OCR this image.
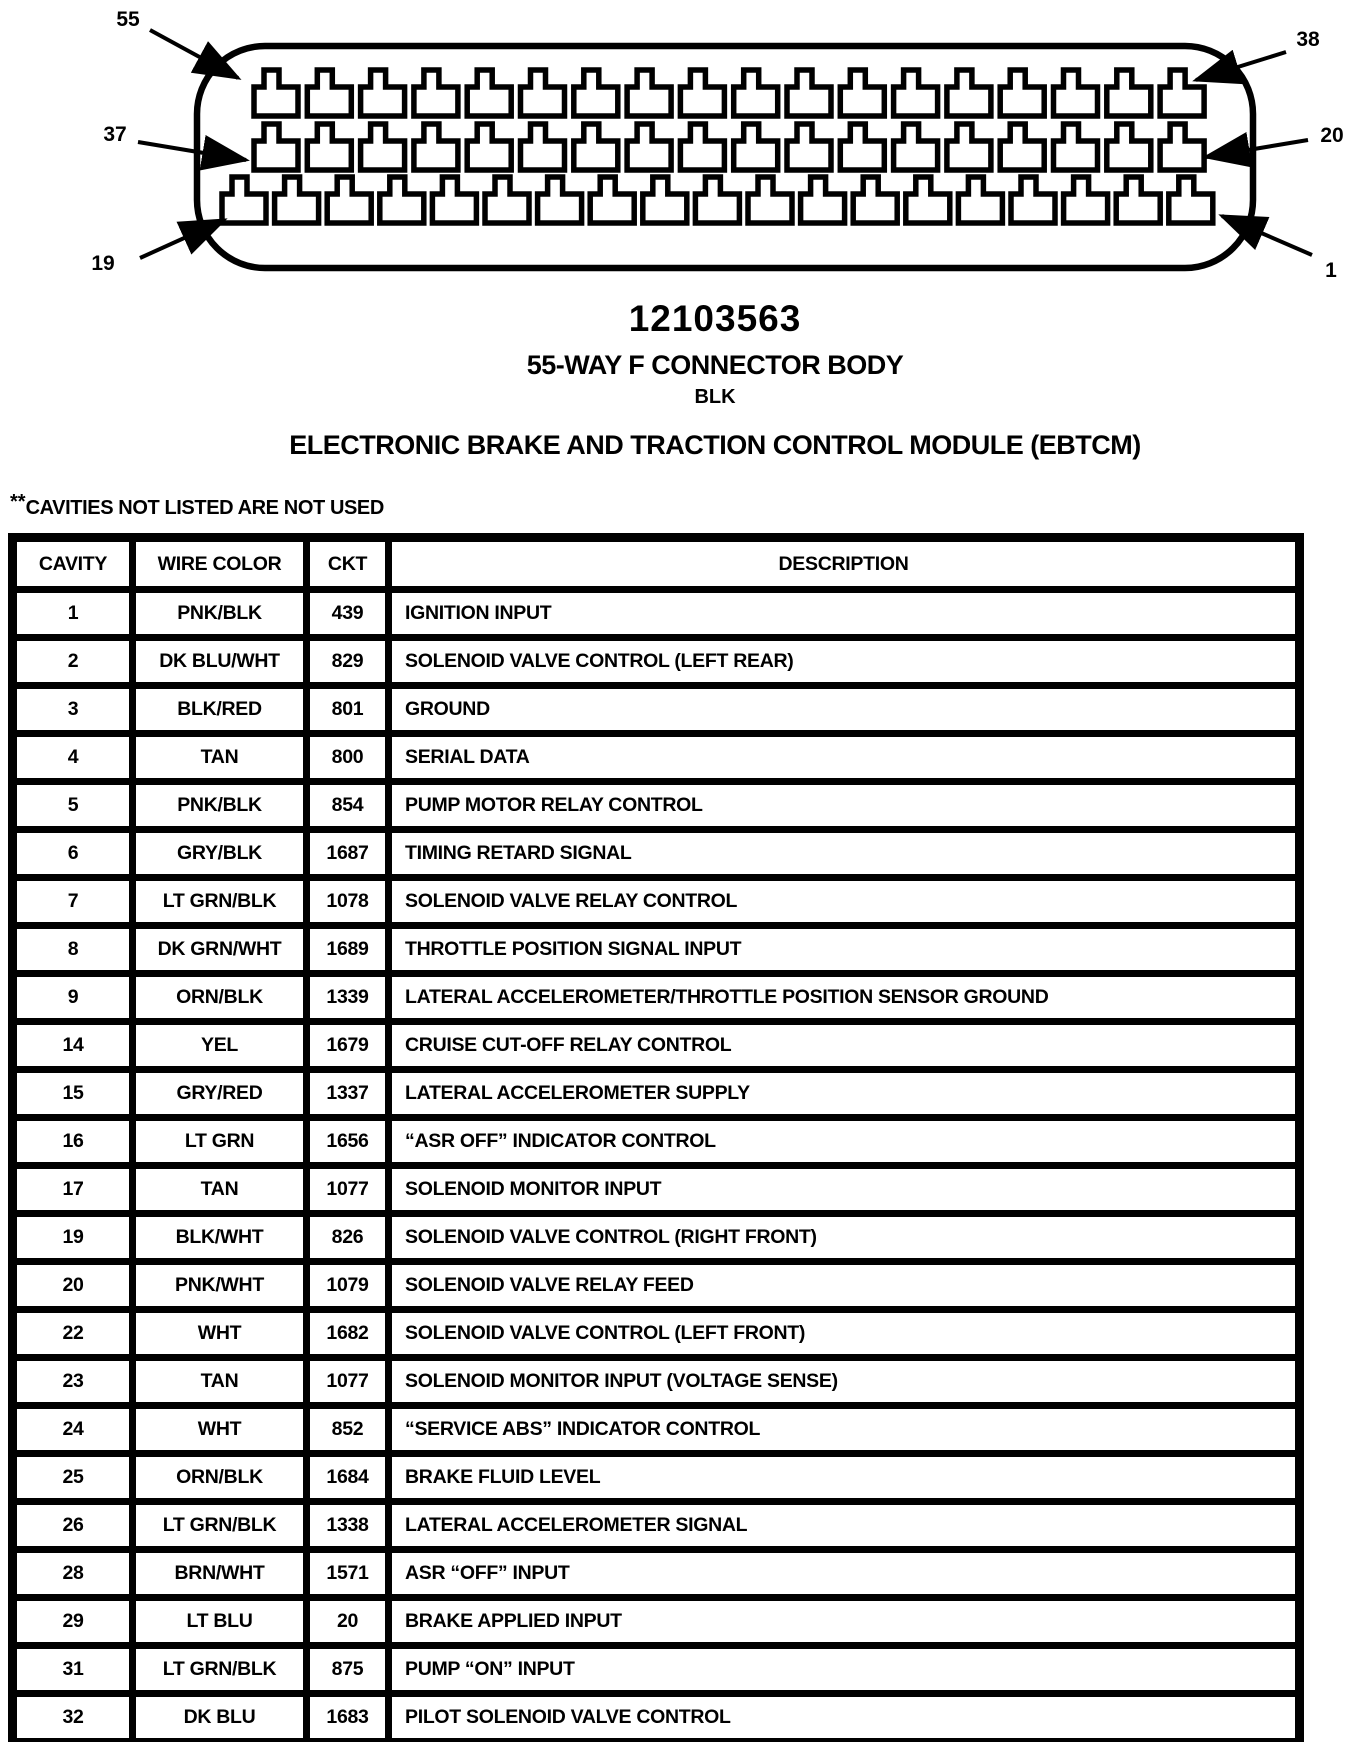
55
38
37	20
19	1
12103563
55-WAY F CONNECTOR BODY
BLK
ELECTRONIC BRAKE AND TRACTION CONTROL MODULE (EBTCM)
**CAVITIES NOT LISTED ARE NOT USED
CAVITY	WIRE COLOR	CKT	DESCRIPTION
1	PNK/BLK	439	IGNITION INPUT
2	DK BLU/WHT	829	SOLENOID VALVE CONTROL (LEFT REAR)
3	BLK/RED	801	GROUND
4	TAN	800	SERIAL DATA
5	PNK/BLK	854	PUMP MOTOR RELAY CONTROL
6	GRY/BLK	1687	TIMING RETARD SIGNAL
7	LT GRN/BLK	1078	SOLENOID VALVE RELAY CONTROL
8	DK GRN/WHT	1689	THROTTLE POSITION SIGNAL INPUT
9	ORN/BLK	1339	LATERAL ACCELEROMETER/THROTTLE POSITION SENSOR GROUND
14	YEL	1679	CRUISE CUT-OFF RELAY CONTROL
15	GRY/RED	1337	LATERAL ACCELEROMETER SUPPLY
16	LT GRN	1656	“ASR OFF” INDICATOR CONTROL
17	TAN	1077	SOLENOID MONITOR INPUT
19	BLK/WHT	826	SOLENOID VALVE CONTROL (RIGHT FRONT)
20	PNK/WHT	1079	SOLENOID VALVE RELAY FEED
22	WHT	1682	SOLENOID VALVE CONTROL (LEFT FRONT)
23	TAN	1077	SOLENOID MONITOR INPUT (VOLTAGE SENSE)
24	WHT	852	“SERVICE ABS” INDICATOR CONTROL
25	ORN/BLK	1684	BRAKE FLUID LEVEL
26	LT GRN/BLK	1338	LATERAL ACCELEROMETER SIGNAL
28	BRN/WHT	1571	ASR “OFF” INPUT
29	LT BLU	20	BRAKE APPLIED INPUT
31	LT GRN/BLK	875	PUMP “ON” INPUT
32	DK BLU	1683	PILOT SOLENOID VALVE CONTROL
